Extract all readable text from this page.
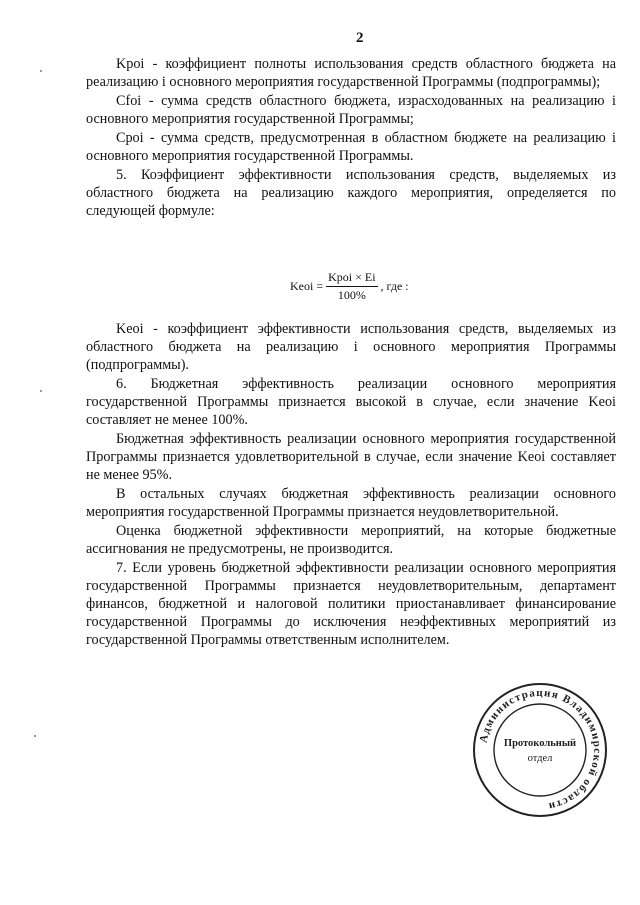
2

Kpoi - коэффициент полноты использования средств областного бюджета на реализацию i основного мероприятия государственной Программы (подпрограммы);

Cfoi - сумма средств областного бюджета, израсходованных на реализацию i основного мероприятия государственной Программы;

Cpoi - сумма средств, предусмотренная в областном бюджете на реализацию i основного мероприятия государственной Программы.

5. Коэффициент эффективности использования средств, выделяемых из областного бюджета на реализацию каждого мероприятия, определяется по следующей формуле:

Keoi = $\frac{\text{Kpoi × Ei}}{100\%}$ , где :

Keoi - коэффициент эффективности использования средств, выделяемых из областного бюджета на реализацию i основного мероприятия Программы (подпрограммы).

6. Бюджетная эффективность реализации основного мероприятия государственной Программы признается высокой в случае, если значение Keoi составляет не менее 100%.

Бюджетная эффективность реализации основного мероприятия государственной Программы признается удовлетворительной в случае, если значение Keoi составляет не менее 95%.

В остальных случаях бюджетная эффективность реализации основного мероприятия государственной Программы признается неудовлетворительной.

Оценка бюджетной эффективности мероприятий, на которые бюджетные ассигнования не предусмотрены, не производится.

7. Если уровень бюджетной эффективности реализации основного мероприятия государственной Программы признается неудовлетворительным, департамент финансов, бюджетной и налоговой политики приостанавливает финансирование государственной Программы до исключения неэффективных мероприятий из государственной Программы ответственным исполнителем.

Администрация Владимирской области
Протокольный
отдел
